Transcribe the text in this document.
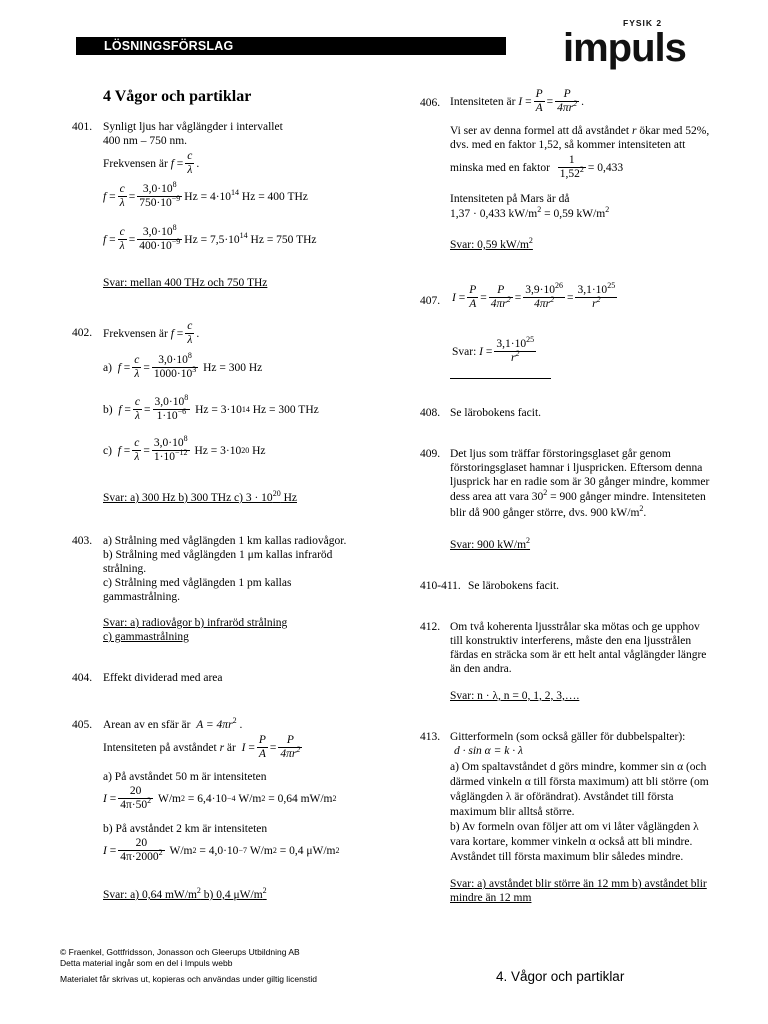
LÖSNINGSFÖRSLAG
FYSIK 2
impuls
4 Vågor och partiklar
401. Synligt ljus har våglängder i intervallet
400 nm – 750 nm.
Frekvensen är
f
= $\frac{c}{\lambda}$ .
$f = \frac{c}{\lambda} = \frac{3,0\cdot 10^8}{750\cdot 10^{-9}}$ $Hz = 4\cdot 10^{14}$ Hz = 400 THz
$f = \frac{c}{\lambda} = \frac{3,0\cdot 10^8}{400\cdot 10^{-9}}$ $Hz = 7,5\cdot 10^{14}$ Hz = 750 THz
Svar: mellan 400 THz och 750 THz
402. Frekvensen är
$f = \frac{c}{\lambda}$ .
a)
$f = \frac{c}{\lambda} = \frac{3,0\cdot 10^8}{1000\cdot 10^3}$
Hz = 300 Hz
b)
$f = \frac{c}{\lambda} = \frac{3,0\cdot 10^8}{1\cdot 10^{-6}}$
Hz = 3·10 14
Hz = 300 THz
c)
$f = \frac{c}{\lambda} = \frac{3,0\cdot 10^8}{1\cdot 10^{-12}}$
Hz = 3·10 20
Hz
Svar: a) 300 Hz b) 300 THz c) $3 \cdot 10^{20}$ Hz
403. a) Strålning med våglängden 1 km kallas radiovågor.
b) Strålning med våglängden 1 μm kallas infraröd
strålning.
c) Strålning med våglängden 1 pm kallas
gammastrålning.
Svar: a) radiovågor b) infraröd strålning
c) gammastrålning
404. Effekt dividerad med area
405. Arean av en sfär är $A = 4\pi r^2$ .
Intensiteten på avståndet
r
är
$I = \frac{P}{A} = \frac{P}{4\pi r^2}$
a) På avståndet 50 m är intensiteten
$I = \frac{20}{4\pi\cdot 50^2}$
W/m 2
= 6,4·10 −4
W/m 2
= 0,64 mW/m 2
b) På avståndet 2 km är intensiteten
$I = \frac{20}{4\pi\cdot 2000^2}$
W/m 2
= 4,0·10 −7
W/m 2
= 0,4 μW/m 2
Svar: a) 0,64 $mW/m^2$ b) 0,4 $\mu W/m^2$
406. Intensiteten är
$I = \frac{P}{A} = \frac{P}{4\pi r^2}$ .
Vi ser av denna formel att då avståndet r ökar med 52%,
dvs. med en faktor 1,52, så kommer intensiteten att
minska med en faktor
$\frac{1}{1,52^2} = 0,433$
Intensiteten på Mars är då
1,37 · 0,433 $kW/m^2 = 0,59$ $kW/m^2$
Svar: 0,59 $kW/m^2$
407. $I = \frac{P}{A} = \frac{P}{4\pi r^2} = \frac{3,9\cdot 10^{26}}{4\pi r^2} = \frac{3,1\cdot 10^{25}}{r^2}$
Svar:
$I = \frac{3,1\cdot 10^{25}}{r^2}$
408. Se lärobokens facit.
409. Det ljus som träffar förstoringsglaset går genom
förstoringsglaset hamnar i ljuspricken. Eftersom denna
ljusprick har en radie som är 30 gånger mindre, kommer
dess area att vara $30^2 = 900$ gånger mindre. Intensiteten
blir då 900 gånger större, dvs. 900 $kW/m^2$.
Svar: 900 $kW/m^2$
410-411. Se lärobokens facit.
412. Om två koherenta ljusstrålar ska mötas och ge upphov
till konstruktiv interferens, måste den ena ljusstrålen
färdas en sträcka som är ett helt antal våglängder längre
än den andra.
Svar: n · λ, n = 0, 1, 2, 3,….
413. Gitterformeln (som också gäller för dubbelspalter):
d · sin α = k · λ
a) Om spaltavståndet d görs mindre, kommer sin α (och
därmed vinkeln α till första maximum) att bli större (om
våglängden λ är oförändrat). Avståndet till första
maximum blir alltså större.
b) Av formeln ovan följer att om vi låter våglängden λ
vara kortare, kommer vinkeln α också att bli mindre.
Avståndet till första maximum blir således mindre.
Svar: a) avståndet blir större än 12 mm b) avståndet blir
mindre än 12 mm
© Fraenkel, Gottfridsson, Jonasson och Gleerups Utbildning AB
Detta material ingår som en del i Impuls webb
Materialet får skrivas ut, kopieras och användas under giltig licenstid	4. Vågor och partiklar
